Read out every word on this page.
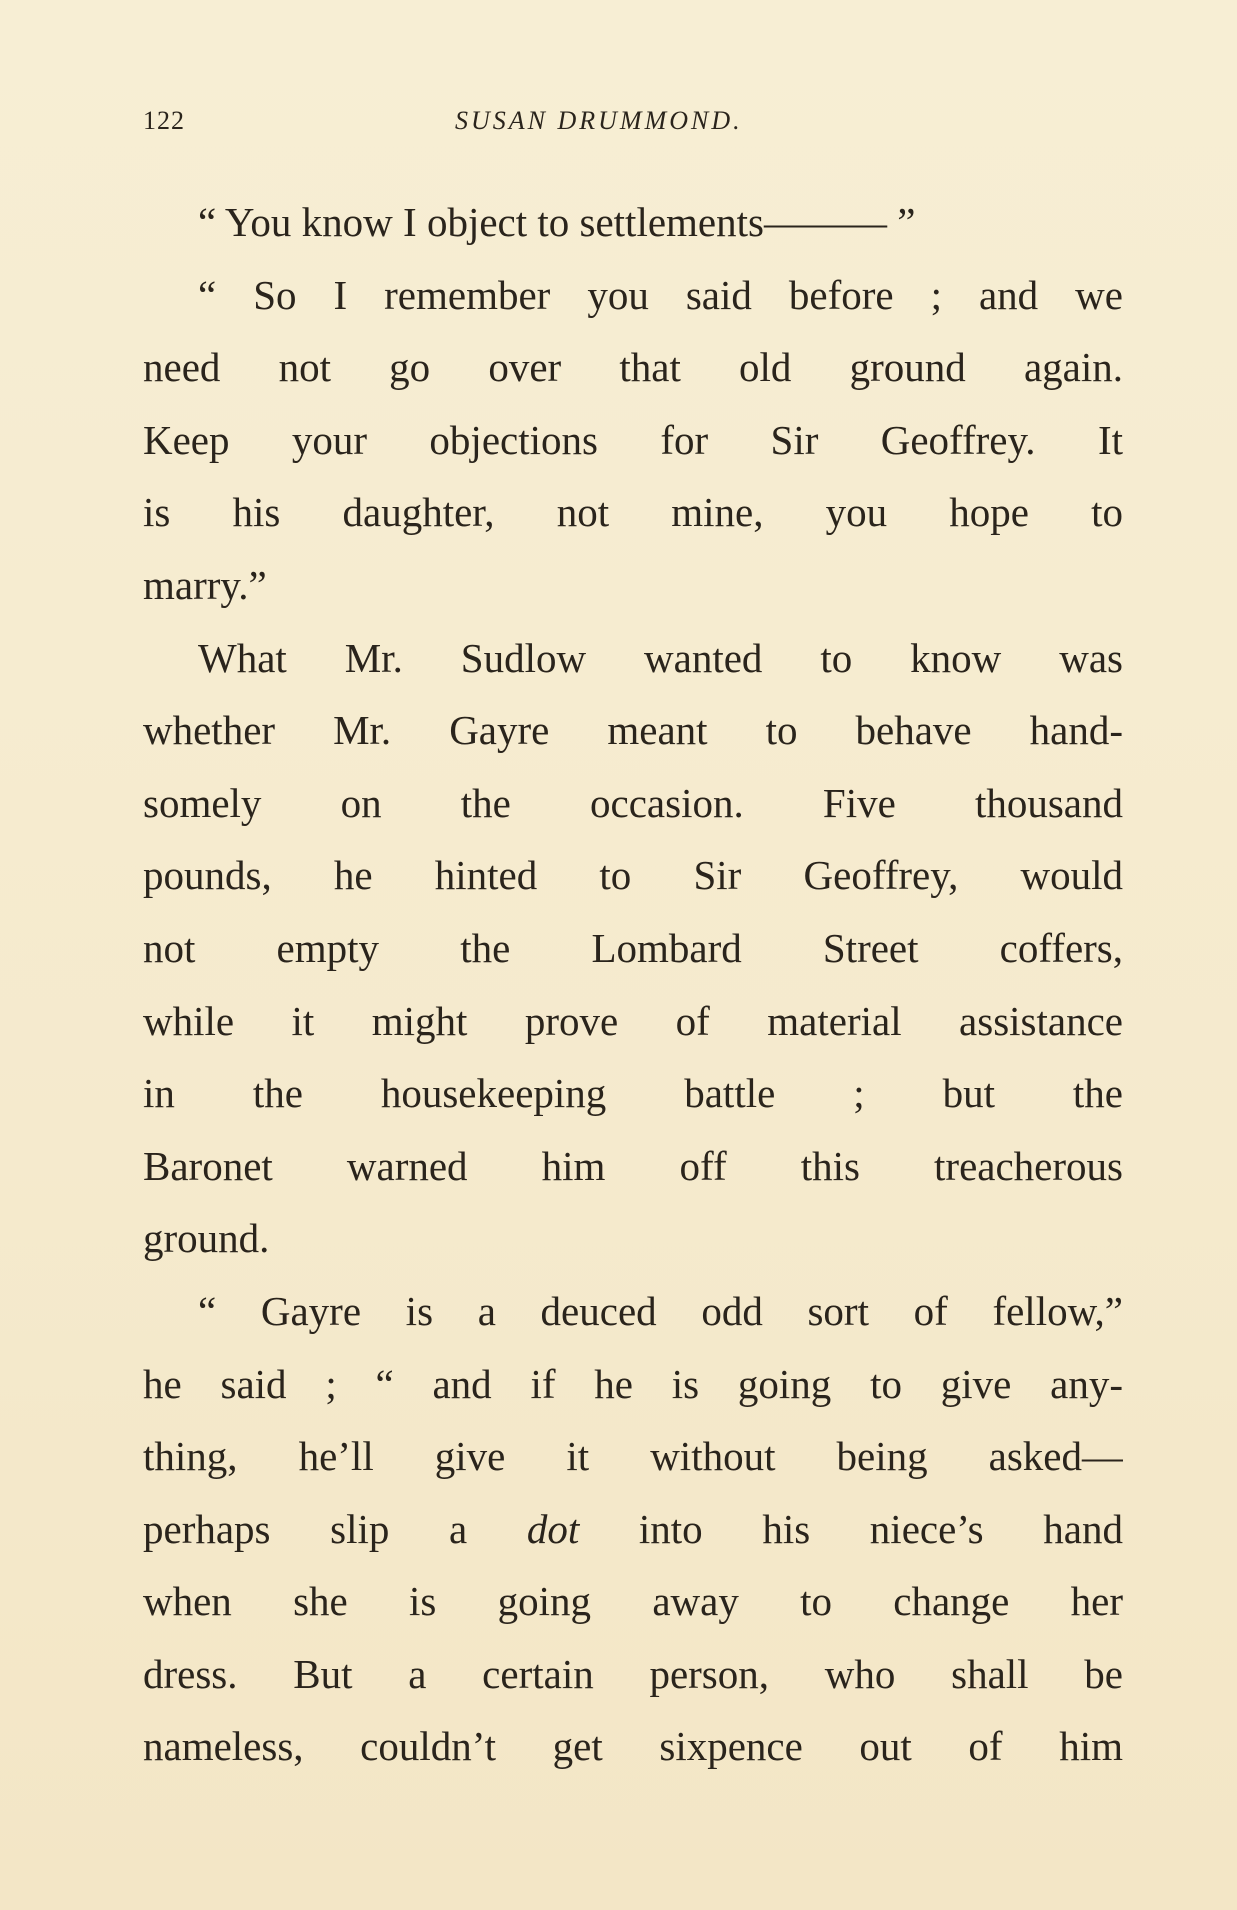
122	SUSAN DRUMMOND.
“ You know I object to settlements——— ”
“ So I remember you said before ; and we
need not go over that old ground again.
Keep your objections for Sir Geoffrey. It
is his daughter, not mine, you hope to
marry.”
What Mr. Sudlow wanted to know was
whether Mr. Gayre meant to behave hand-
somely on the occasion. Five thousand
pounds, he hinted to Sir Geoffrey, would
not empty the Lombard Street coffers,
while it might prove of material assistance
in the housekeeping battle ; but the
Baronet warned him off this treacherous
ground.
“ Gayre is a deuced odd sort of fellow,”
he said ; “ and if he is going to give any-
thing, he’ll give it without being asked—
perhaps slip a dot into his niece’s hand
when she is going away to change her
dress. But a certain person, who shall be
nameless, couldn’t get sixpence out of him
